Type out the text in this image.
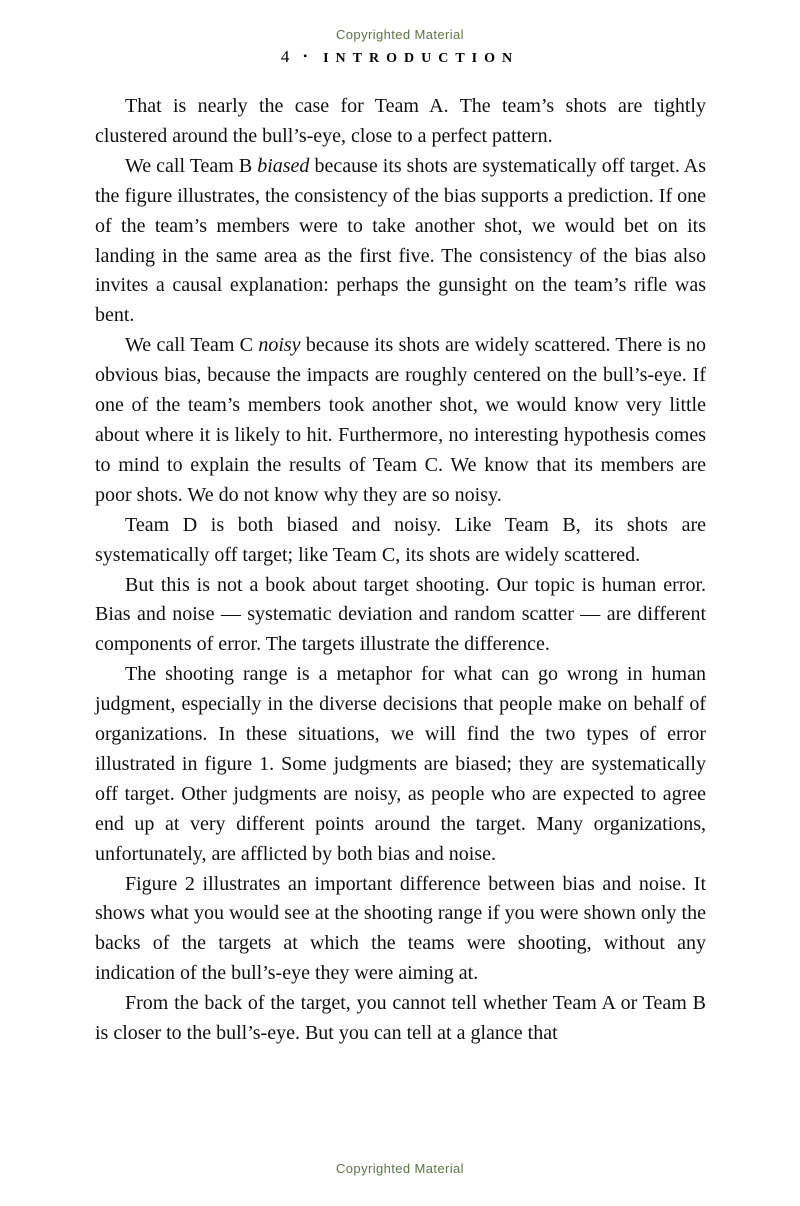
Copyrighted Material
4 • INTRODUCTION

That is nearly the case for Team A. The team’s shots are tightly clustered around the bull’s-eye, close to a perfect pattern.

We call Team B biased because its shots are systematically off target. As the figure illustrates, the consistency of the bias supports a prediction. If one of the team’s members were to take another shot, we would bet on its landing in the same area as the first five. The consistency of the bias also invites a causal explanation: perhaps the gunsight on the team’s rifle was bent.

We call Team C noisy because its shots are widely scattered. There is no obvious bias, because the impacts are roughly centered on the bull’s-eye. If one of the team’s members took another shot, we would know very little about where it is likely to hit. Furthermore, no interesting hypothesis comes to mind to explain the results of Team C. We know that its members are poor shots. We do not know why they are so noisy.

Team D is both biased and noisy. Like Team B, its shots are systematically off target; like Team C, its shots are widely scattered.

But this is not a book about target shooting. Our topic is human error. Bias and noise — systematic deviation and random scatter — are different components of error. The targets illustrate the difference.

The shooting range is a metaphor for what can go wrong in human judgment, especially in the diverse decisions that people make on behalf of organizations. In these situations, we will find the two types of error illustrated in figure 1. Some judgments are biased; they are systematically off target. Other judgments are noisy, as people who are expected to agree end up at very different points around the target. Many organizations, unfortunately, are afflicted by both bias and noise.

Figure 2 illustrates an important difference between bias and noise. It shows what you would see at the shooting range if you were shown only the backs of the targets at which the teams were shooting, without any indication of the bull’s-eye they were aiming at.

From the back of the target, you cannot tell whether Team A or Team B is closer to the bull’s-eye. But you can tell at a glance that

Copyrighted Material
